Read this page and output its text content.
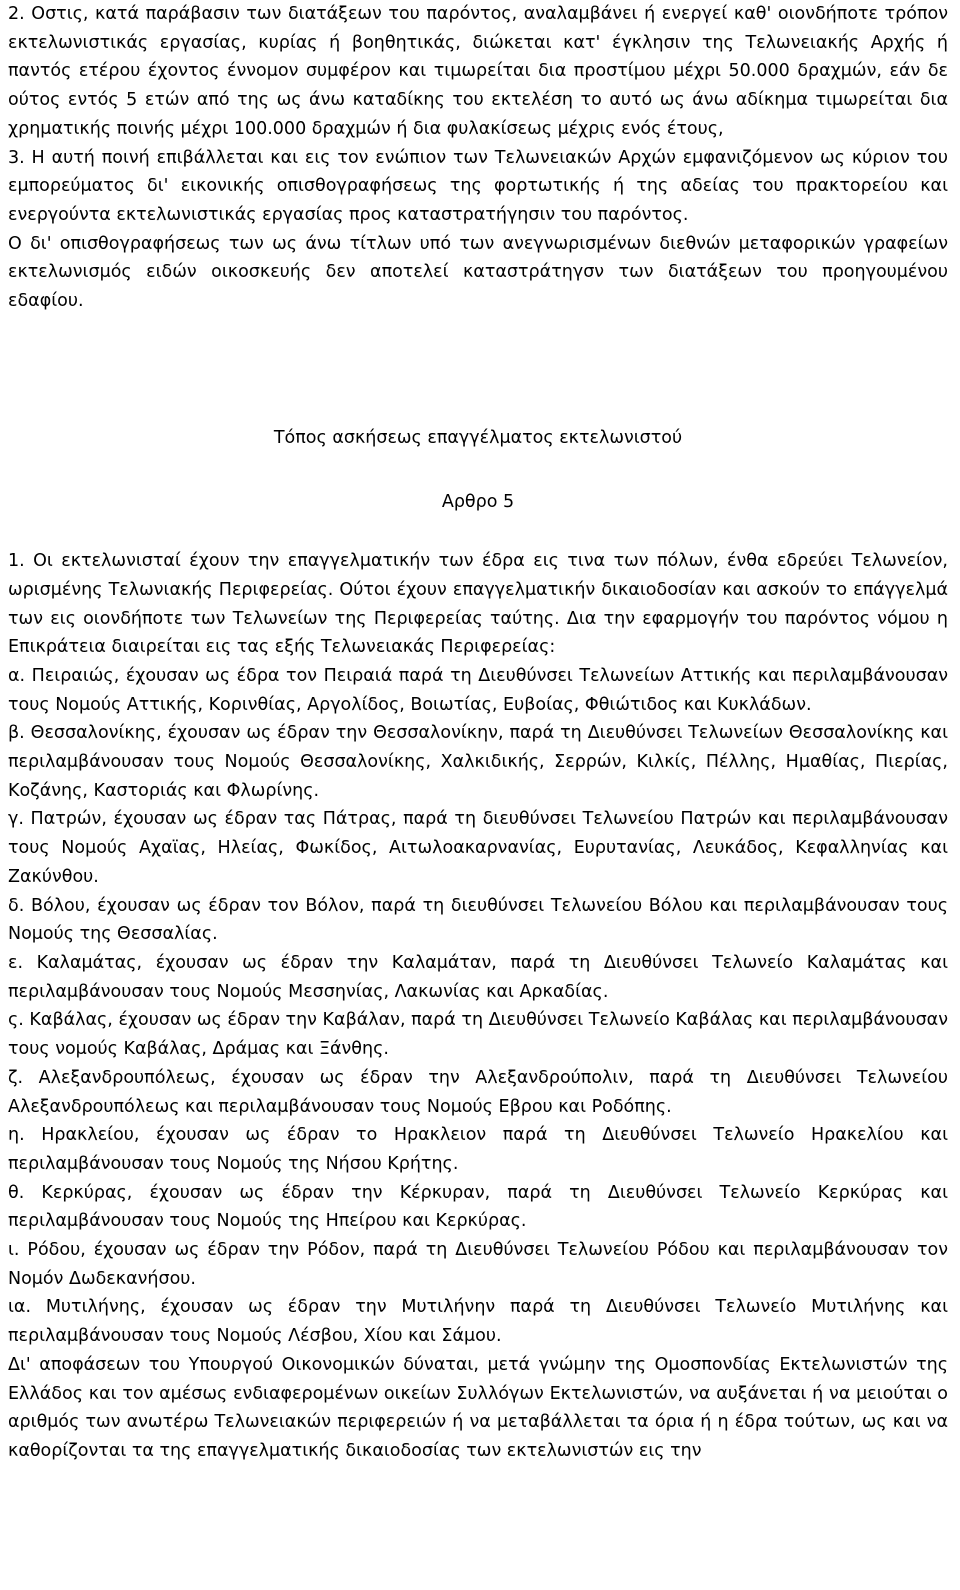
2. Οστις, κατά παράβασιν των διατάξεων του παρόντος, αναλαμβάνει ή ενεργεί καθ' οιονδήποτε τρόπον εκτελωνιστικάς εργασίας, κυρίας ή βοηθητικάς, διώκεται κατ' έγκλησιν της Τελωνειακής Αρχής ή παντός ετέρου έχοντος έννομον συμφέρον και τιμωρείται δια προστίμου μέχρι 50.000 δραχμών, εάν δε ούτος εντός 5 ετών από της ως άνω καταδίκης του εκτελέση το αυτό ως άνω αδίκημα τιμωρείται δια χρηματικής ποινής μέχρι 100.000 δραχμών ή δια φυλακίσεως μέχρις ενός έτους,

3. Η αυτή ποινή επιβάλλεται και εις τον ενώπιον των Τελωνειακών Αρχών εμφανιζόμενον ως κύριον του εμπορεύματος δι' εικονικής οπισθογραφήσεως της φορτωτικής ή της αδείας του πρακτορείου και ενεργούντα εκτελωνιστικάς εργασίας προς καταστρατήγησιν του παρόντος.

Ο δι' οπισθογραφήσεως των ως άνω τίτλων υπό των ανεγνωρισμένων διεθνών μεταφορικών γραφείων εκτελωνισμός ειδών οικοσκευής δεν αποτελεί καταστράτηγσν των διατάξεων του προηγουμένου εδαφίου.

Τόπος ασκήσεως επαγγέλματος εκτελωνιστού

Αρθρο 5

1. Οι εκτελωνισταί έχουν την επαγγελματικήν των έδρα εις τινα των πόλων, ένθα εδρεύει Τελωνείον, ωρισμένης Τελωνιακής Περιφερείας. Ούτοι έχουν επαγγελματικήν δικαιοδοσίαν και ασκούν το επάγγελμά των εις οιονδήποτε των Τελωνείων της Περιφερείας ταύτης. Δια την εφαρμογήν του παρόντος νόμου η Επικράτεια διαιρείται εις τας εξής Τελωνειακάς Περιφερείας:

α. Πειραιώς, έχουσαν ως έδρα τον Πειραιά παρά τη Διευθύνσει Τελωνείων Αττικής και περιλαμβάνουσαν τους Νομούς Αττικής, Κορινθίας, Αργολίδος, Βοιωτίας, Ευβοίας, Φθιώτιδος και Κυκλάδων.

β. Θεσσαλονίκης, έχουσαν ως έδραν την Θεσσαλονίκην, παρά τη Διευθύνσει Τελωνείων Θεσσαλονίκης και περιλαμβάνουσαν τους Νομούς Θεσσαλονίκης, Χαλκιδικής, Σερρών, Κιλκίς, Πέλλης, Ημαθίας, Πιερίας, Κοζάνης, Καστοριάς και Φλωρίνης.

γ. Πατρών, έχουσαν ως έδραν τας Πάτρας, παρά τη διευθύνσει Τελωνείου Πατρών και περιλαμβάνουσαν τους Νομούς Αχαϊας, Ηλείας, Φωκίδος, Αιτωλοακαρνανίας, Ευρυτανίας, Λευκάδος, Κεφαλληνίας και Ζακύνθου.

δ. Βόλου, έχουσαν ως έδραν τον Βόλον, παρά τη διευθύνσει Τελωνείου Βόλου και περιλαμβάνουσαν τους Νομούς της Θεσσαλίας.

ε. Καλαμάτας, έχουσαν ως έδραν την Καλαμάταν, παρά τη Διευθύνσει Τελωνείο Καλαμάτας και περιλαμβάνουσαν τους Νομούς Μεσσηνίας, Λακωνίας και Αρκαδίας.

ς. Καβάλας, έχουσαν ως έδραν την Καβάλαν, παρά τη Διευθύνσει Τελωνείο Καβάλας και περιλαμβάνουσαν τους νομούς Καβάλας, Δράμας και Ξάνθης.

ζ. Αλεξανδρουπόλεως, έχουσαν ως έδραν την Αλεξανδρούπολιν, παρά τη Διευθύνσει Τελωνείου Αλεξανδρουπόλεως και περιλαμβάνουσαν τους Νομούς Εβρου και Ροδόπης.

η. Ηρακλείου, έχουσαν ως έδραν το Ηρακλειον παρά τη Διευθύνσει Τελωνείο Ηρακελίου και περιλαμβάνουσαν τους Νομούς της Νήσου Κρήτης.

θ. Κερκύρας, έχουσαν ως έδραν την Κέρκυραν, παρά τη Διευθύνσει Τελωνείο Κερκύρας και περιλαμβάνουσαν τους Νομούς της Ηπείρου και Κερκύρας.

ι. Ρόδου, έχουσαν ως έδραν την Ρόδον, παρά τη Διευθύνσει Τελωνείου Ρόδου και περιλαμβάνουσαν τον Νομόν Δωδεκανήσου.

ια. Μυτιλήνης, έχουσαν ως έδραν την Μυτιλήνην παρά τη Διευθύνσει Τελωνείο Μυτιλήνης και περιλαμβάνουσαν τους Νομούς Λέσβου, Χίου και Σάμου.

Δι' αποφάσεων του Υπουργού Οικονομικών δύναται, μετά γνώμην της Ομοσπονδίας Εκτελωνιστών της Ελλάδος και τον αμέσως ενδιαφερομένων οικείων Συλλόγων Εκτελωνιστών, να αυξάνεται ή να μειούται ο αριθμός των ανωτέρω Τελωνειακών περιφερειών ή να μεταβάλλεται τα όρια ή η έδρα τούτων, ως και να καθορίζονται τα της επαγγελματικής δικαιοδοσίας των εκτελωνιστών εις την
